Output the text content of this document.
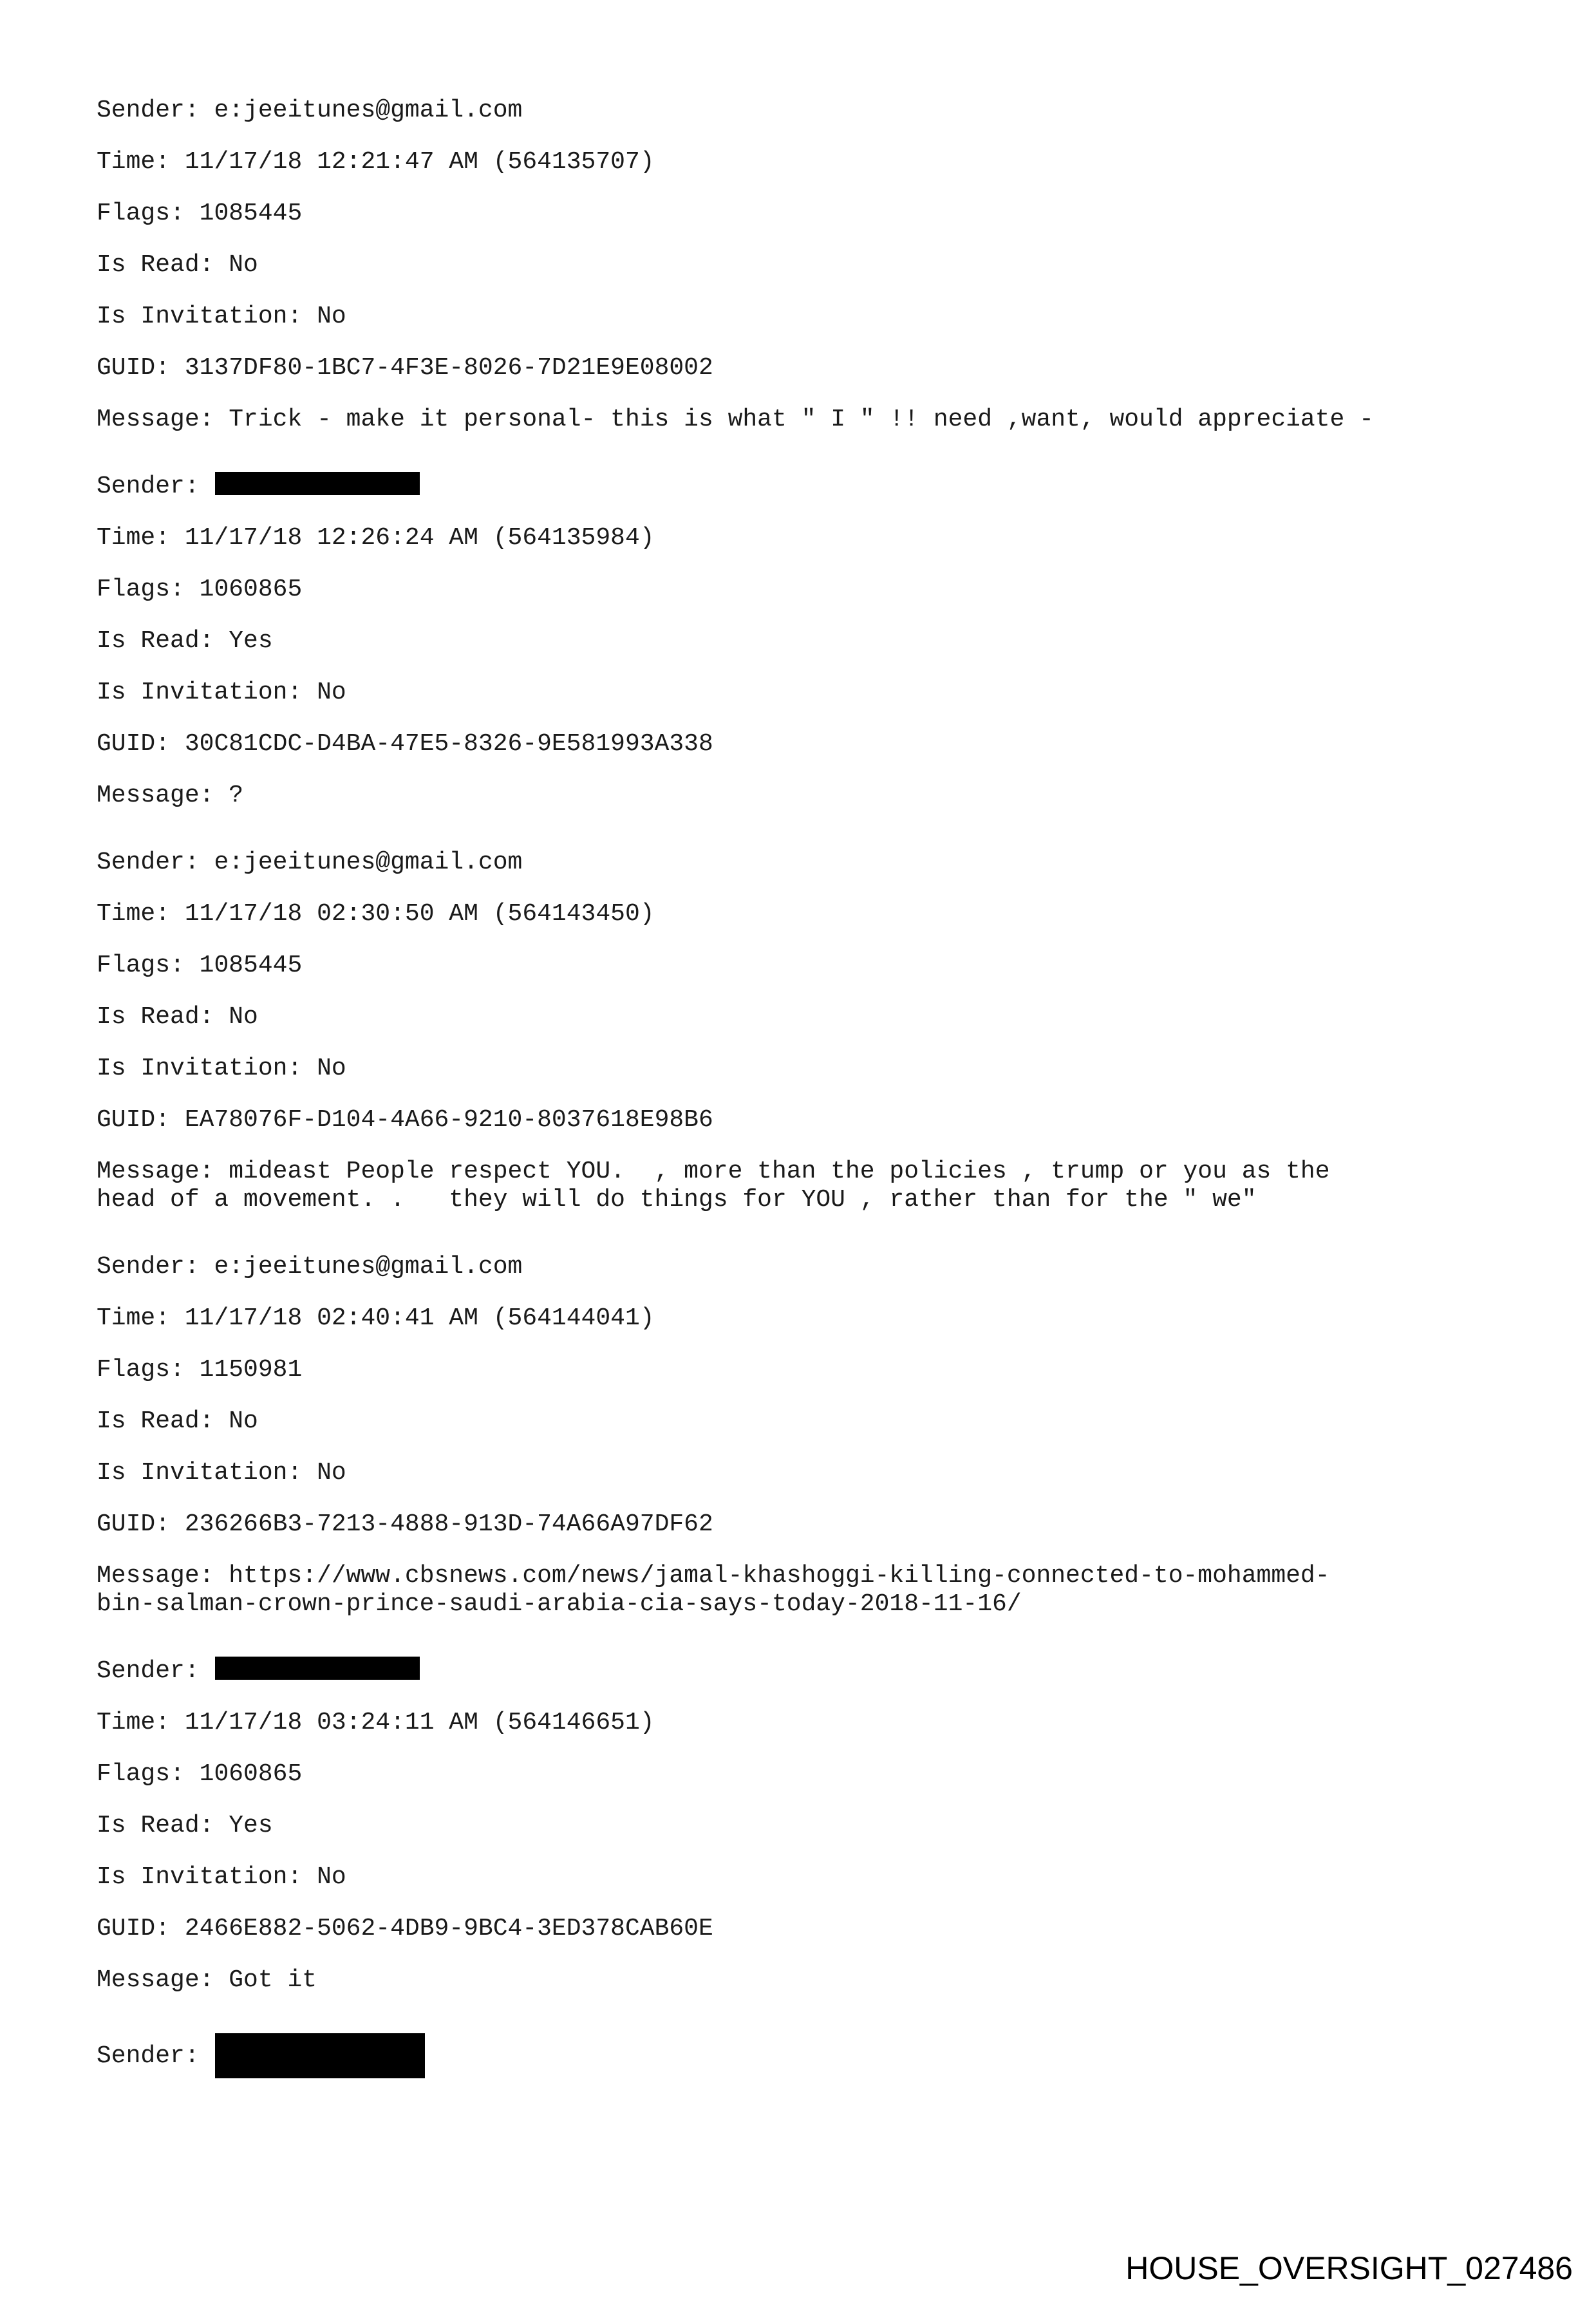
Sender: e:jeeitunes@gmail.com
Time: 11/17/18 12:21:47 AM (564135707)
Flags: 1085445
Is Read: No
Is Invitation: No
GUID: 3137DF80-1BC7-4F3E-8026-7D21E9E08002
Message: Trick - make it personal- this is what " I " !! need ,want, would appreciate -
Sender:
Time: 11/17/18 12:26:24 AM (564135984)
Flags: 1060865
Is Read: Yes
Is Invitation: No
GUID: 30C81CDC-D4BA-47E5-8326-9E581993A338
Message: ?
Sender: e:jeeitunes@gmail.com
Time: 11/17/18 02:30:50 AM (564143450)
Flags: 1085445
Is Read: No
Is Invitation: No
GUID: EA78076F-D104-4A66-9210-8037618E98B6
Message: mideast People respect YOU.  , more than the policies , trump or you as the
head of a movement. .   they will do things for YOU , rather than for the " we"
Sender: e:jeeitunes@gmail.com
Time: 11/17/18 02:40:41 AM (564144041)
Flags: 1150981
Is Read: No
Is Invitation: No
GUID: 236266B3-7213-4888-913D-74A66A97DF62
Message: https://www.cbsnews.com/news/jamal-khashoggi-killing-connected-to-mohammed-
bin-salman-crown-prince-saudi-arabia-cia-says-today-2018-11-16/
Sender:
Time: 11/17/18 03:24:11 AM (564146651)
Flags: 1060865
Is Read: Yes
Is Invitation: No
GUID: 2466E882-5062-4DB9-9BC4-3ED378CAB60E
Message: Got it
Sender:
HOUSE_OVERSIGHT_027486
